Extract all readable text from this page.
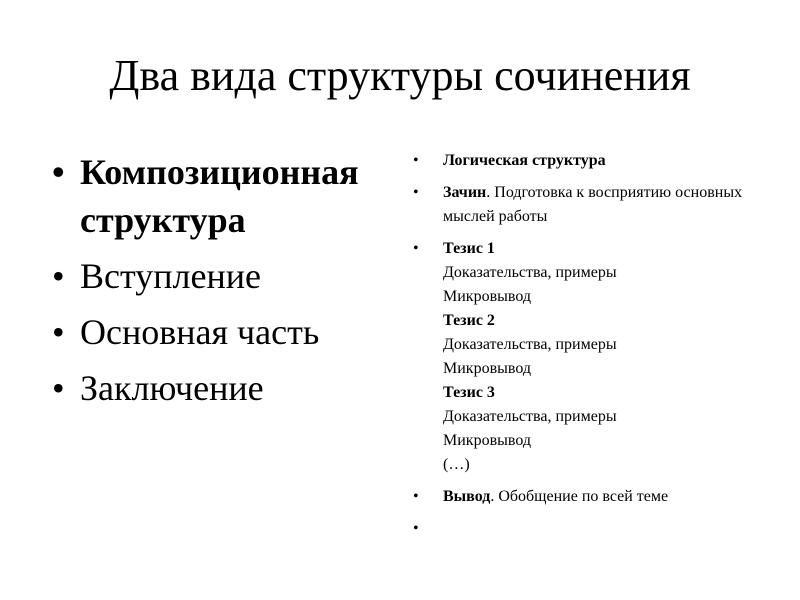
Два вида структуры сочинения
• Композиционная структура
• Вступление
• Основная часть
• Заключение
• Логическая структура
• Зачин. Подготовка к восприятию основных мыслей работы
• Тезис 1
Доказательства, примеры
Микровывод
Тезис 2
Доказательства, примеры
Микровывод
Тезис 3
Доказательства, примеры
Микровывод
(…)
• Вывод. Обобщение по всей теме
•
